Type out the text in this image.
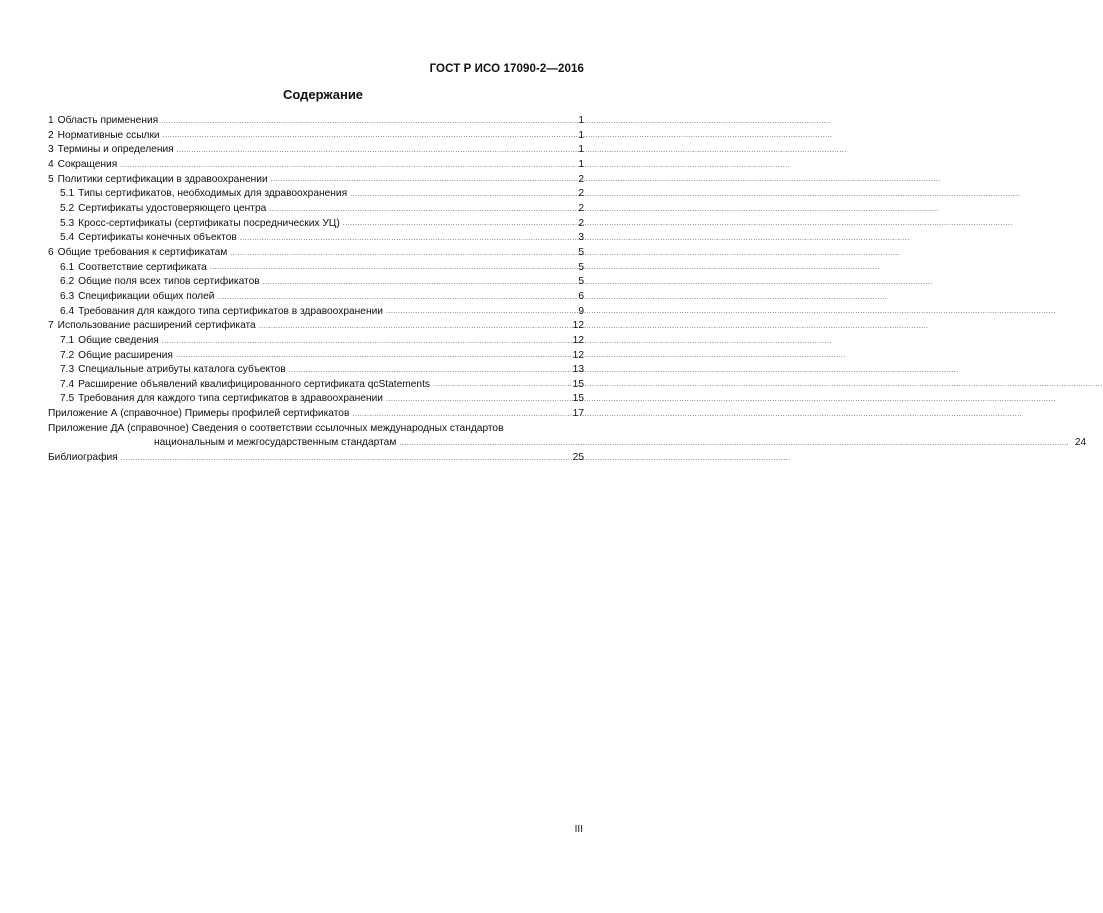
ГОСТ Р ИСО 17090-2—2016
Содержание
1 Область применения .....	1
2 Нормативные ссылки .....	1
3 Термины и определения .....	1
4 Сокращения .....	1
5 Политики сертификации в здравоохранении .....	2
5.1 Типы сертификатов, необходимых для здравоохранения .....	2
5.2 Сертификаты удостоверяющего центра .....	2
5.3 Кросс-сертификаты (сертификаты посреднических УЦ) .....	2
5.4 Сертификаты конечных объектов .....	3
6 Общие требования к сертификатам .....	5
6.1 Соответствие сертификата .....	5
6.2 Общие поля всех типов сертификатов .....	5
6.3 Спецификации общих полей .....	6
6.4 Требования для каждого типа сертификатов в здравоохранении .....	9
7 Использование расширений сертификата .....	12
7.1 Общие сведения .....	12
7.2 Общие расширения .....	12
7.3 Специальные атрибуты каталога субъектов .....	13
7.4 Расширение объявлений квалифицированного сертификата qcStatements .....	15
7.5 Требования для каждого типа сертификатов в здравоохранении .....	15
Приложение А (справочное) Примеры профилей сертификатов .....	17
Приложение ДА (справочное) Сведения о соответствии ссылочных международных стандартов
национальным и межгосударственным стандартам .....	24
Библиография .....	25
III
